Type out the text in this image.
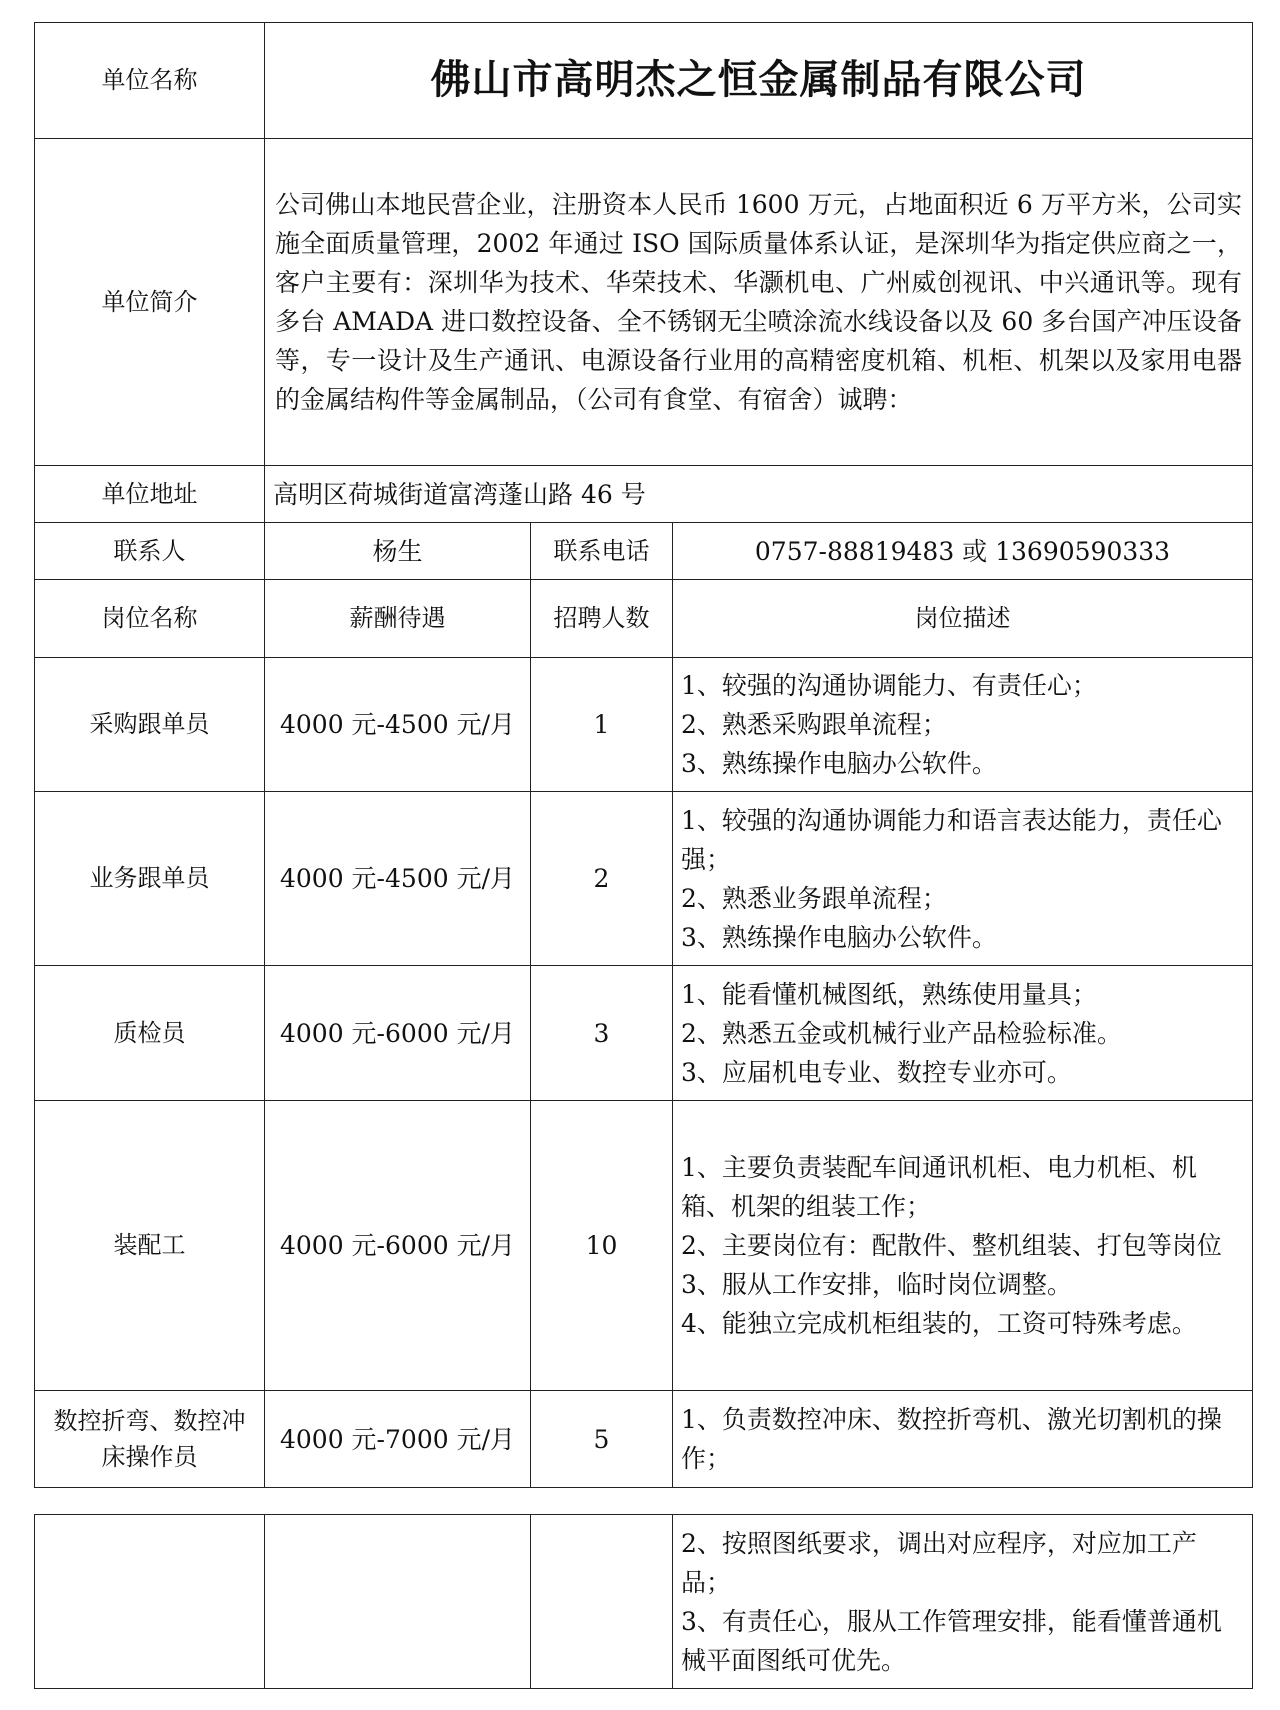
单位名称	佛山市高明杰之恒金属制品有限公司		
单位简介	公司佛山本地民营企业，注册资本人民币 1600 万元，占地面积近 6 万平方米，公司实施全面质量管理，2002 年通过 ISO 国际质量体系认证，是深圳华为指定供应商之一，客户主要有：深圳华为技术、华荣技术、华灏机电、广州威创视讯、中兴通讯等。现有多台 AMADA 进口数控设备、全不锈钢无尘喷涂流水线设备以及 60 多台国产冲压设备等，专一设计及生产通讯、电源设备行业用的高精密度机箱、机柜、机架以及家用电器的金属结构件等金属制品，（公司有食堂、有宿舍）诚聘：		
单位地址	高明区荷城街道富湾蓬山路 46 号		
联系人	杨生	联系电话	0757-88819483 或 13690590333
岗位名称	薪酬待遇	招聘人数	岗位描述
采购跟单员	4000 元-4500 元/月	1	1、较强的沟通协调能力、有责任心；
2、熟悉采购跟单流程；
3、熟练操作电脑办公软件。

业务跟单员	4000 元-4500 元/月	2	1、较强的沟通协调能力和语言表达能力，责任心强；
2、熟悉业务跟单流程；
3、熟练操作电脑办公软件。

质检员	4000 元-6000 元/月	3	1、能看懂机械图纸，熟练使用量具；
2、熟悉五金或机械行业产品检验标准。
3、应届机电专业、数控专业亦可。

装配工	4000 元-6000 元/月	10	1、主要负责装配车间通讯机柜、电力机柜、机箱、机架的组装工作；
2、主要岗位有：配散件、整机组装、打包等岗位
3、服从工作安排，临时岗位调整。
4、能独立完成机柜组装的，工资可特殊考虑。

数控折弯、数控冲床操作员	4000 元-7000 元/月	5	1、负责数控冲床、数控折弯机、激光切割机的操作；

2、按照图纸要求，调出对应程序，对应加工产品；
3、有责任心，服从工作管理安排，能看懂普通机械平面图纸可优先。
